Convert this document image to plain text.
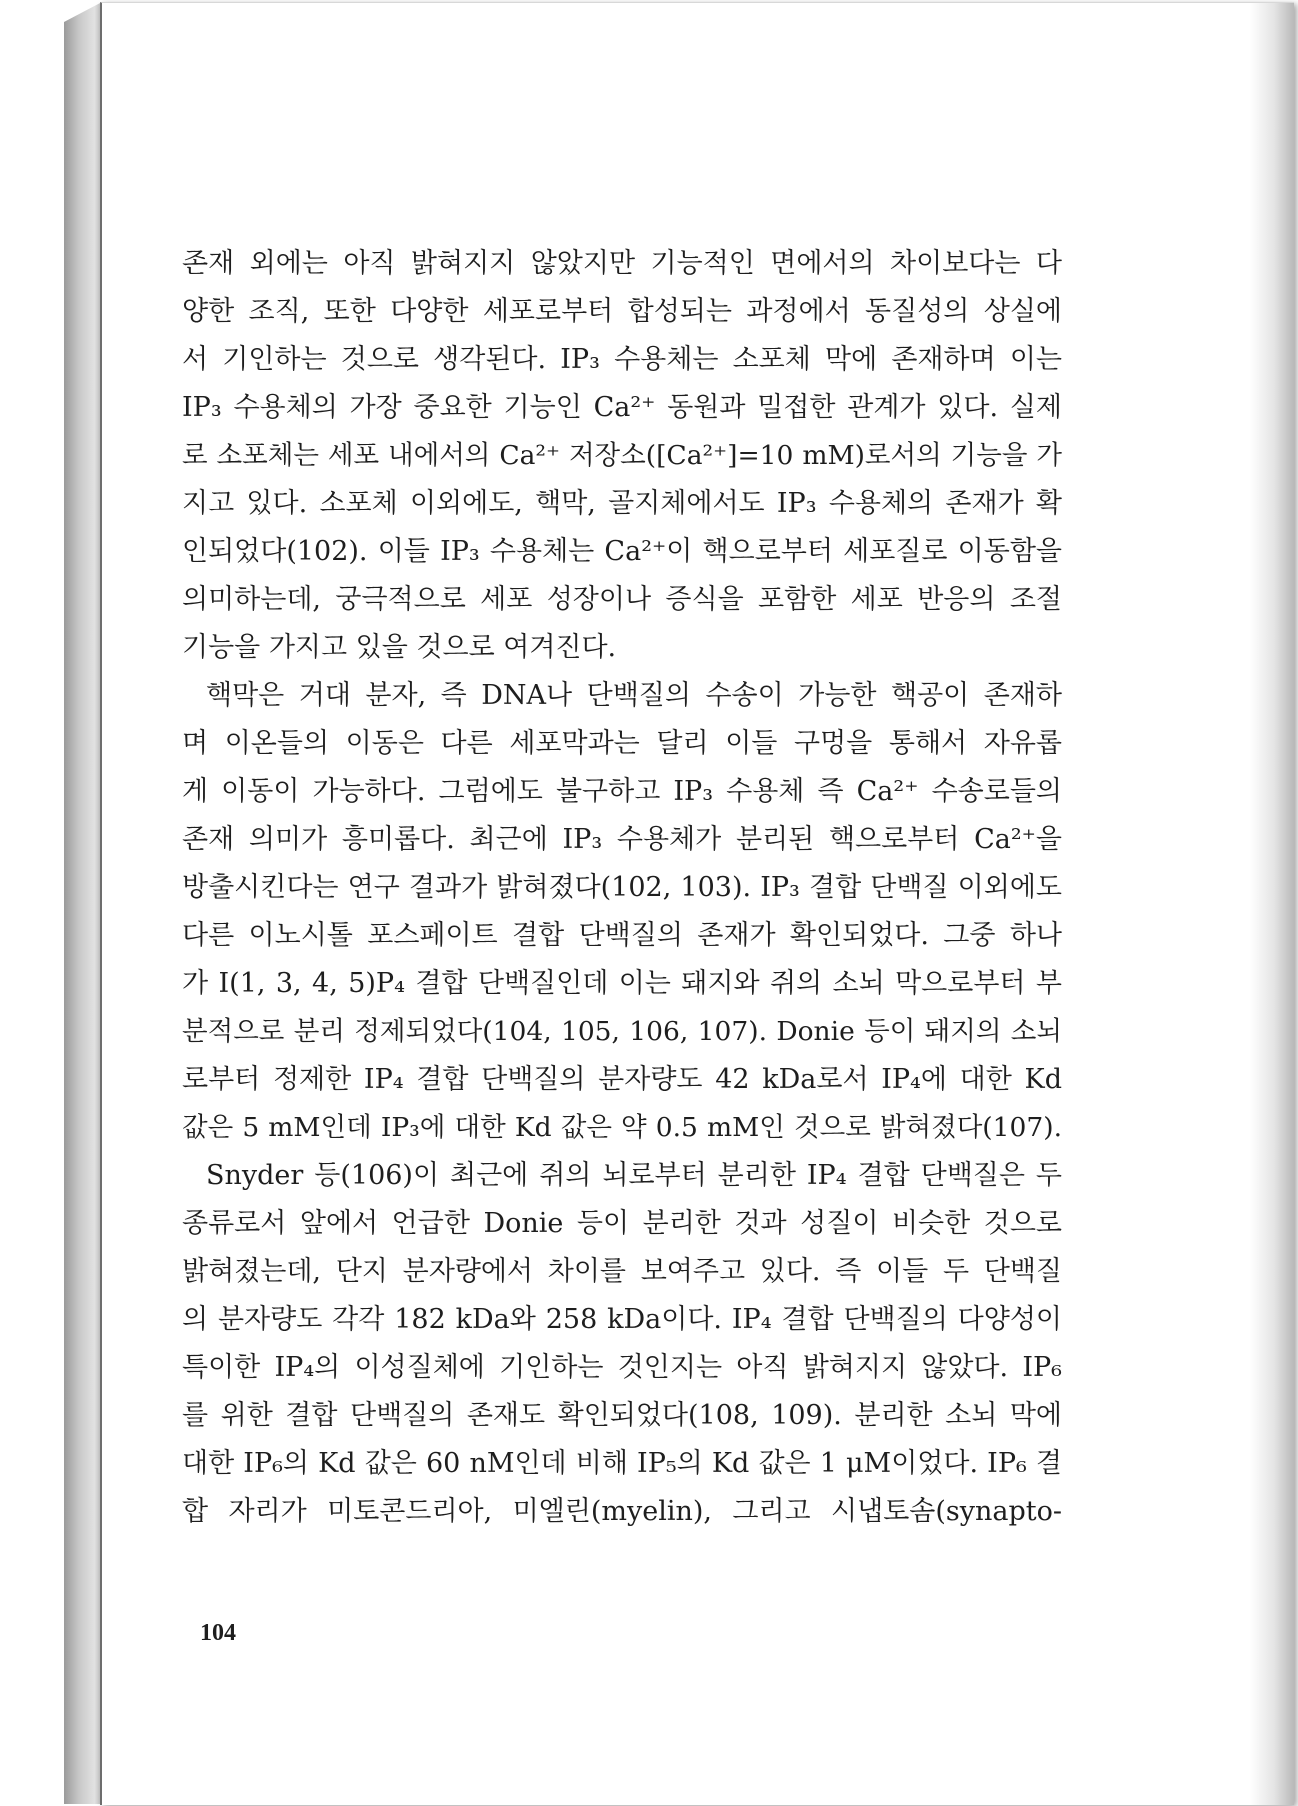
존재 외에는 아직 밝혀지지 않았지만 기능적인 면에서의 차이보다는 다
양한 조직, 또한 다양한 세포로부터 합성되는 과정에서 동질성의 상실에
서 기인하는 것으로 생각된다. IP₃ 수용체는 소포체 막에 존재하며 이는
IP₃ 수용체의 가장 중요한 기능인 Ca²⁺ 동원과 밀접한 관계가 있다. 실제
로 소포체는 세포 내에서의 Ca²⁺ 저장소([Ca²⁺]=10 mM)로서의 기능을 가
지고 있다. 소포체 이외에도, 핵막, 골지체에서도 IP₃ 수용체의 존재가 확
인되었다(102). 이들 IP₃ 수용체는 Ca²⁺이 핵으로부터 세포질로 이동함을
의미하는데, 궁극적으로 세포 성장이나 증식을 포함한 세포 반응의 조절
기능을 가지고 있을 것으로 여겨진다.
핵막은 거대 분자, 즉 DNA나 단백질의 수송이 가능한 핵공이 존재하
며 이온들의 이동은 다른 세포막과는 달리 이들 구멍을 통해서 자유롭
게 이동이 가능하다. 그럼에도 불구하고 IP₃ 수용체 즉 Ca²⁺ 수송로들의
존재 의미가 흥미롭다. 최근에 IP₃ 수용체가 분리된 핵으로부터 Ca²⁺을
방출시킨다는 연구 결과가 밝혀졌다(102, 103). IP₃ 결합 단백질 이외에도
다른 이노시톨 포스페이트 결합 단백질의 존재가 확인되었다. 그중 하나
가 I(1, 3, 4, 5)P₄ 결합 단백질인데 이는 돼지와 쥐의 소뇌 막으로부터 부
분적으로 분리 정제되었다(104, 105, 106, 107). Donie 등이 돼지의 소뇌
로부터 정제한 IP₄ 결합 단백질의 분자량도 42 kDa로서 IP₄에 대한 Kd
값은 5 mM인데 IP₃에 대한 Kd 값은 약 0.5 mM인 것으로 밝혀졌다(107).
Snyder 등(106)이 최근에 쥐의 뇌로부터 분리한 IP₄ 결합 단백질은 두
종류로서 앞에서 언급한 Donie 등이 분리한 것과 성질이 비슷한 것으로
밝혀졌는데, 단지 분자량에서 차이를 보여주고 있다. 즉 이들 두 단백질
의 분자량도 각각 182 kDa와 258 kDa이다. IP₄ 결합 단백질의 다양성이
특이한 IP₄의 이성질체에 기인하는 것인지는 아직 밝혀지지 않았다. IP₆
를 위한 결합 단백질의 존재도 확인되었다(108, 109). 분리한 소뇌 막에
대한 IP₆의 Kd 값은 60 nM인데 비해 IP₅의 Kd 값은 1 μM이었다. IP₆ 결
합 자리가 미토콘드리아, 미엘린(myelin), 그리고 시냅토솜(synapto-
104
